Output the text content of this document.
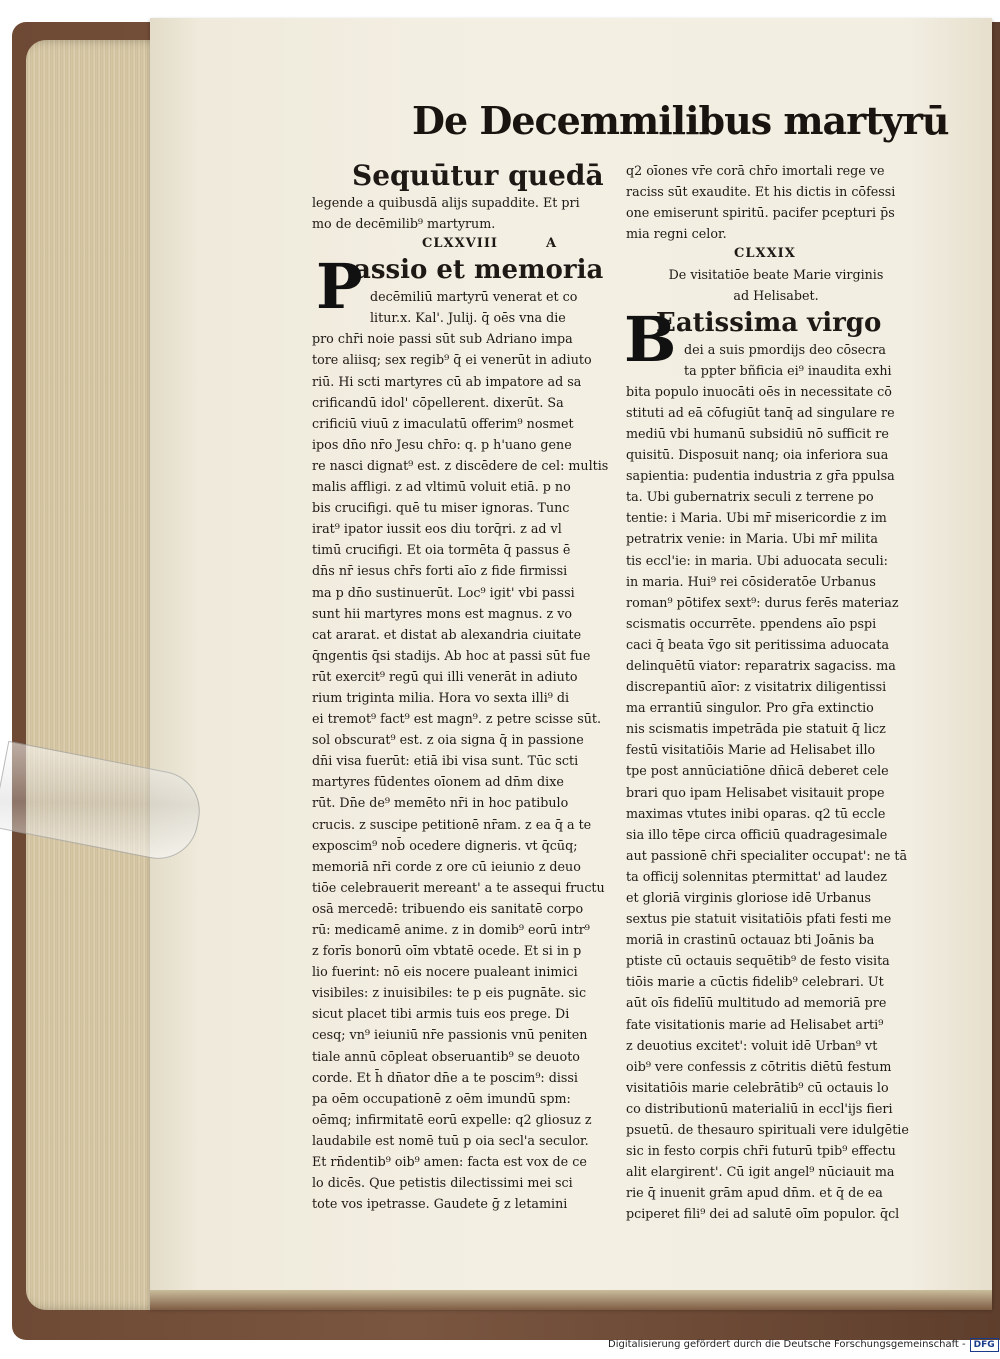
De Decemmilibus martyrū
Sequūtur quedā
legende a quibusdā alijs supaddite. Et pri
mo de decēmilib⁹ martyrum.
CLXXVIII	A
P
assio et memoria
decēmiliū martyrū venerat et co
litur.x. Kal'. Julij. q̄ oēs vna die
pro chr̄i noie passi sūt sub Adriano impa
tore aliisq; sex regib⁹ q̄ ei venerūt in adiuto
riū. Hi scti martyres cū ab impatore ad sa
crificandū idol' cōpellerent. dixerūt. Sa
crificiū viuū z imaculatū offerim⁹ nosmet
ipos dn̄o nr̄o Jesu chr̄o: q. p h'uano gene
re nasci dignat⁹ est. z discēdere de cel: multis
malis affligi. z ad vltimū voluit etiā. p no
bis crucifigi. quē tu miser ignoras. Tunc
irat⁹ ipator iussit eos diu torq̄ri. z ad vl
timū crucifigi. Et oia tormēta q̄ passus ē
dn̄s nr̄ iesus chr̄s forti aīo z fide firmissi
ma p dn̄o sustinuerūt. Loc⁹ igit' vbi passi
sunt hii martyres mons est magnus. z vo
cat ararat. et distat ab alexandria ciuitate
q̄ngentis q̄si stadijs. Ab hoc at passi sūt fue
rūt exercit⁹ regū qui illi venerāt in adiuto
rium triginta milia. Hora vo sexta illi⁹ di
ei tremot⁹ fact⁹ est magn⁹. z petre scisse sūt.
sol obscurat⁹ est. z oia signa q̄ in passione
dn̄i visa fuerūt: etiā ibi visa sunt. Tūc scti
martyres fūdentes oīonem ad dn̄m dixe
rūt. Dn̄e de⁹ memēto nr̄i in hoc patibulo
crucis. z suscipe petitionē nr̄am. z ea q̄ a te
exposcim⁹ nob̄ ocedere digneris. vt q̄cūq;
memoriā nr̄i corde z ore cū ieiunio z deuo
tiōe celebrauerit mereant' a te assequi fructu
osā mercedē: tribuendo eis sanitatē corpo
rū: medicamē anime. z in domib⁹ eorū intr⁹
z forīs bonorū oīm vbtatē ocede. Et si in p
lio fuerint: nō eis nocere pualeant inimici
visibiles: z inuisibiles: te p eis pugnāte. sic
sicut placet tibi armis tuis eos prege. Di
cesq; vn⁹ ieiuniū nr̄e passionis vnū peniten
tiale annū cōpleat obseruantib⁹ se deuoto
corde. Et h̄ dn̄ator dn̄e a te poscim⁹: dissi
pa oēm occupationē z oēm imundū spm:
oēmq; infirmitatē eorū expelle: q2 gliosuz z
laudabile est nomē tuū p oia secl'a seculor.
Et rn̄dentib⁹ oib⁹ amen: facta est vox de ce
lo dicēs. Que petistis dilectissimi mei sci
tote vos ipetrasse. Gaudete ḡ z letamini
q2 oīones vr̄e corā chr̄o imortali rege ve
raciss sūt exaudite. Et his dictis in cōfessi
one emiserunt spiritū. pacifer pcepturi p̄s
mia regni celor.
CLXXIX
De visitatiōe beate Marie virginis
ad Helisabet.
B
Eatissima virgo
dei a suis pmordijs deo cōsecra
ta ppter bñficia ei⁹ inaudita exhi
bita populo inuocāti oēs in necessitate cō
stituti ad eā cōfugiūt tanq̄ ad singulare re
mediū vbi humanū subsidiū nō sufficit re
quisitū. Disposuit nanq; oia inferiora sua
sapientia: pudentia industria z gr̄a ppulsa
ta. Ubi gubernatrix seculi z terrene po
tentie: i Maria. Ubi mr̄ misericordie z im
petratrix venie: in Maria. Ubi mr̄ milita
tis eccl'ie: in maria. Ubi aduocata seculi:
in maria. Hui⁹ rei cōsideratōe Urbanus
roman⁹ pōtifex sext⁹: durus ferēs materiaz
scismatis occurrēte. ppendens aīo pspi
caci q̄ beata v̄go sit peritissima aduocata
delinquētū viator: reparatrix sagaciss. ma
discrepantiū aīor: z visitatrix diligentissi
ma errantiū singulor. Pro gr̄a extinctio
nis scismatis impetrāda pie statuit q̄ licz
festū visitatiōis Marie ad Helisabet illo
tpe post annūciatiōne dn̄icā deberet cele
brari quo ipam Helisabet visitauit prope
maximas vtutes inibi oparas. q2 tū eccle
sia illo tēpe circa officiū quadragesimale
aut passionē chr̄i specialiter occupat': ne tā
ta officij solennitas ptermittat' ad laudez
et gloriā virginis gloriose idē Urbanus
sextus pie statuit visitatiōis pfati festi me
moriā in crastinū octauaz bti Joānis ba
ptiste cū octauis sequētib⁹ de festo visita
tiōis marie a cūctis fidelib⁹ celebrari. Ut
aūt oīs fidelīū multitudo ad memoriā pre
fate visitationis marie ad Helisabet arti⁹
z deuotius excitet': voluit idē Urban⁹ vt
oib⁹ vere confessis z cōtritis diētū festum
visitatiōis marie celebrātib⁹ cū octauis lo
co distributionū materialiū in eccl'ijs fieri
psuetū. de thesauro spirituali vere idulgētie
sic in festo corpis chr̄i futurū tpib⁹ effectu
alit elargirent'. Cū igit angel⁹ nūciauit ma
rie q̄ inuenit grām apud dn̄m. et q̄ de ea
pciperet fili⁹ dei ad salutē oīm populor. q̄cl
Digitalisierung gefördert durch die Deutsche Forschungsgemeinschaft - DFG
